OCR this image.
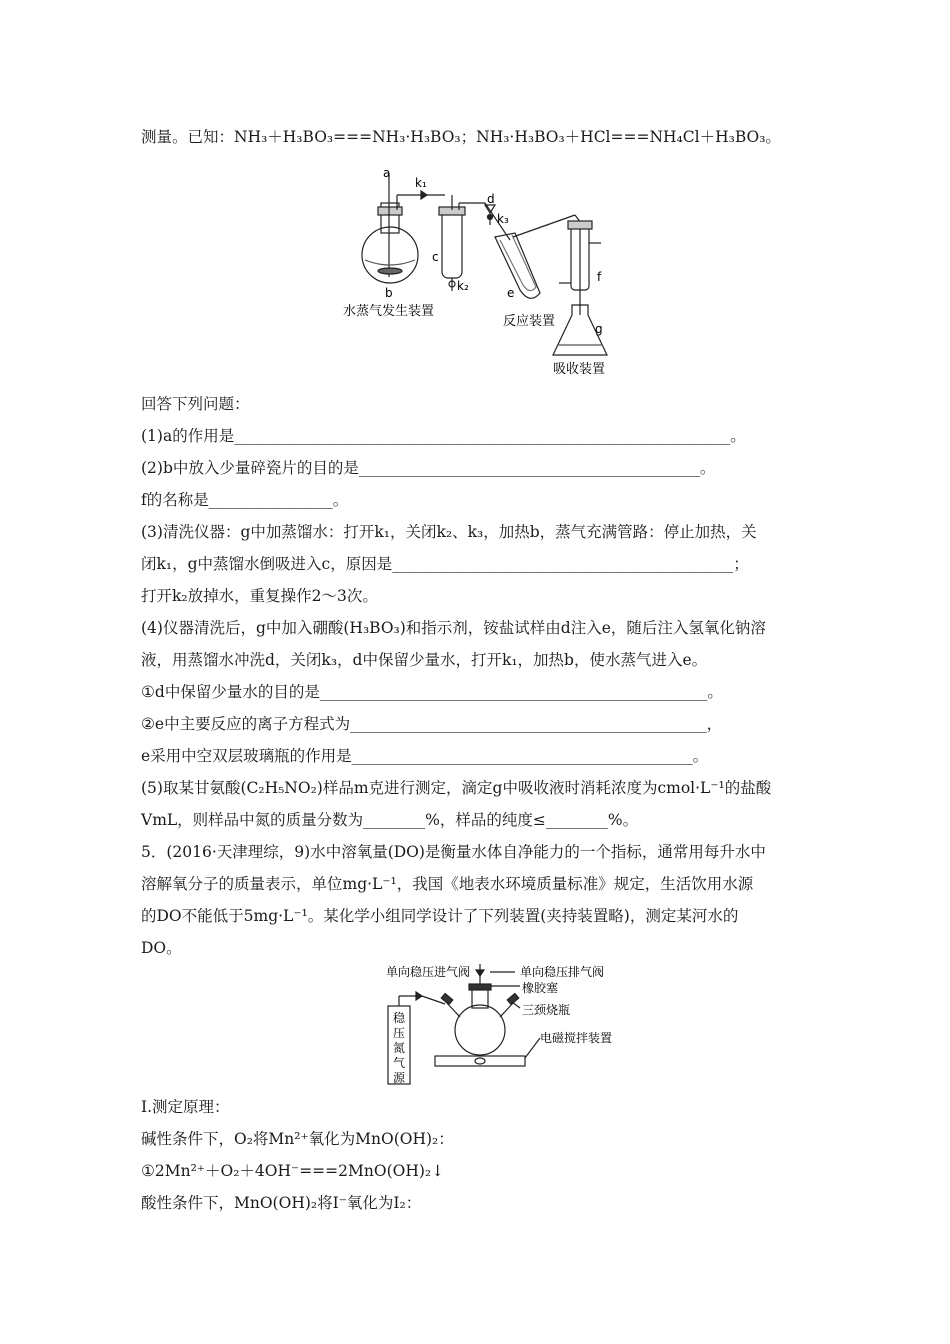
测量。已知：NH₃＋H₃BO₃===NH₃·H₃BO₃；NH₃·H₃BO₃＋HCl===NH₄Cl＋H₃BO₃。
a
k₁
b
c
k₂
d
k₃
e
f
g
水蒸气发生装置
反应装置
吸收装置
回答下列问题：
(1)a的作用是________________________________________________________________。
(2)b中放入少量碎瓷片的目的是____________________________________________。
f的名称是________________。
(3)清洗仪器：g中加蒸馏水：打开k₁，关闭k₂、k₃，加热b，蒸气充满管路：停止加热，关
闭k₁，g中蒸馏水倒吸进入c，原因是____________________________________________；
打开k₂放掉水，重复操作2～3次。
(4)仪器清洗后，g中加入硼酸(H₃BO₃)和指示剂，铵盐试样由d注入e，随后注入氢氧化钠溶
液，用蒸馏水冲洗d，关闭k₃，d中保留少量水，打开k₁，加热b，使水蒸气进入e。
①d中保留少量水的目的是__________________________________________________。
②e中主要反应的离子方程式为______________________________________________，
e采用中空双层玻璃瓶的作用是____________________________________________。
(5)取某甘氨酸(C₂H₅NO₂)样品m克进行测定，滴定g中吸收液时消耗浓度为cmol·L⁻¹的盐酸
VmL，则样品中氮的质量分数为________%，样品的纯度≤________%。
5．(2016·天津理综，9)水中溶氧量(DO)是衡量水体自净能力的一个指标，通常用每升水中
溶解氧分子的质量表示，单位mg·L⁻¹，我国《地表水环境质量标准》规定，生活饮用水源
的DO不能低于5mg·L⁻¹。某化学小组同学设计了下列装置(夹持装置略)，测定某河水的
DO。
单向稳压进气阀	单向稳压排气阀
橡胶塞
三颈烧瓶
电磁搅拌装置
稳
压
氮
气
源
Ⅰ.测定原理：
碱性条件下，O₂将Mn²⁺氧化为MnO(OH)₂：
①2Mn²⁺＋O₂＋4OH⁻===2MnO(OH)₂↓
酸性条件下，MnO(OH)₂将I⁻氧化为I₂：
